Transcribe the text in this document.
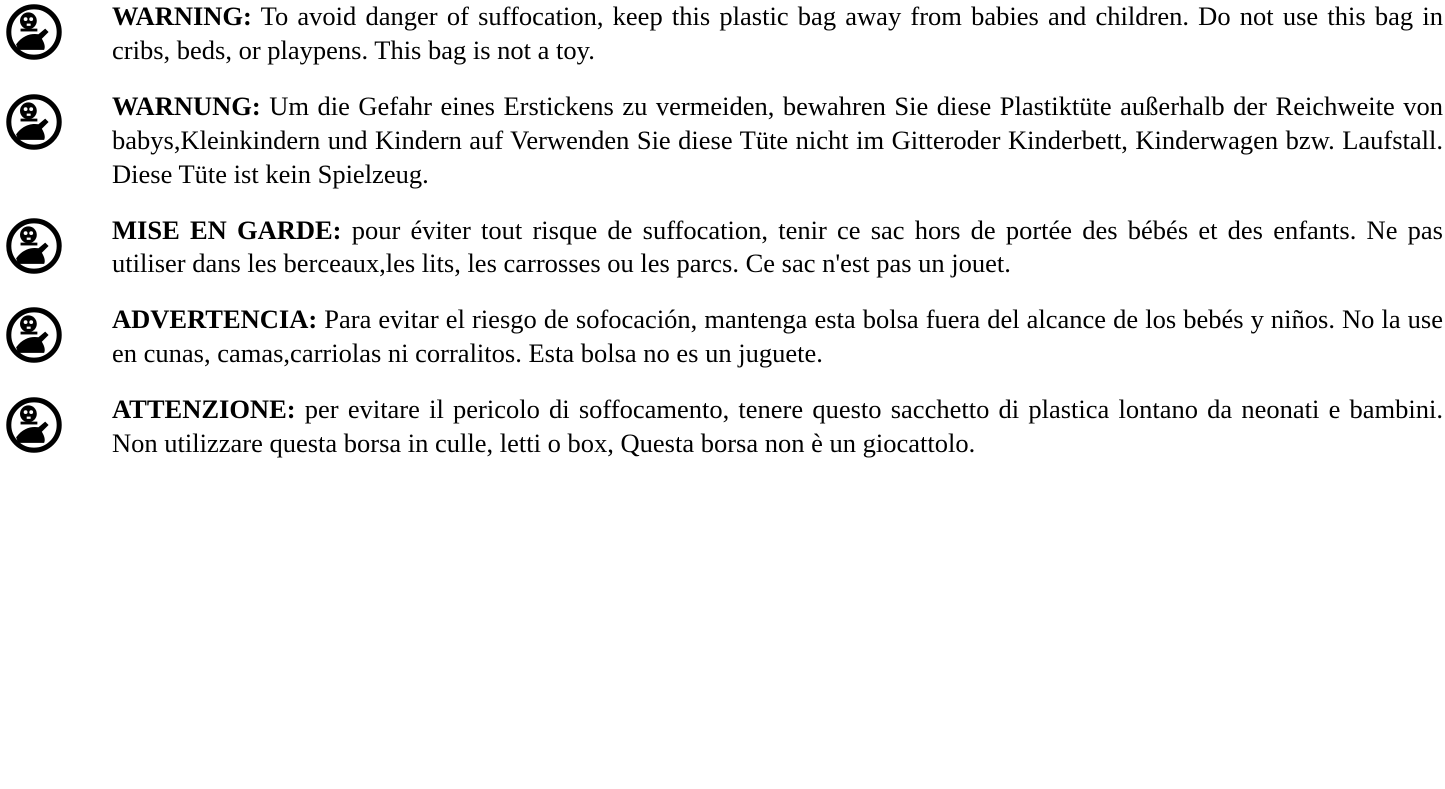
WARNING: To avoid danger of suffocation, keep this plastic bag away from babies and children. Do not use this bag in cribs, beds, or playpens. This bag is not a toy.
WARNUNG: Um die Gefahr eines Erstickens zu vermeiden, bewahren Sie diese Plastiktüte außerhalb der Reichweite von babys,Kleinkindern und Kindern auf Verwenden Sie diese Tüte nicht im Gitteroder Kinderbett, Kinderwagen bzw. Laufstall. Diese Tüte ist kein Spielzeug.
MISE EN GARDE: pour éviter tout risque de suffocation, tenir ce sac hors de portée des bébés et des enfants. Ne pas utiliser dans les berceaux,les lits, les carrosses ou les parcs. Ce sac n'est pas un jouet.
ADVERTENCIA: Para evitar el riesgo de sofocación, mantenga esta bolsa fuera del alcance de los bebés y niños. No la use en cunas, camas,carriolas ni corralitos. Esta bolsa no es un juguete.
ATTENZIONE: per evitare il pericolo di soffocamento, tenere questo sacchetto di plastica lontano da neonati e bambini. Non utilizzare questa borsa in culle, letti o box, Questa borsa non è un giocattolo.
